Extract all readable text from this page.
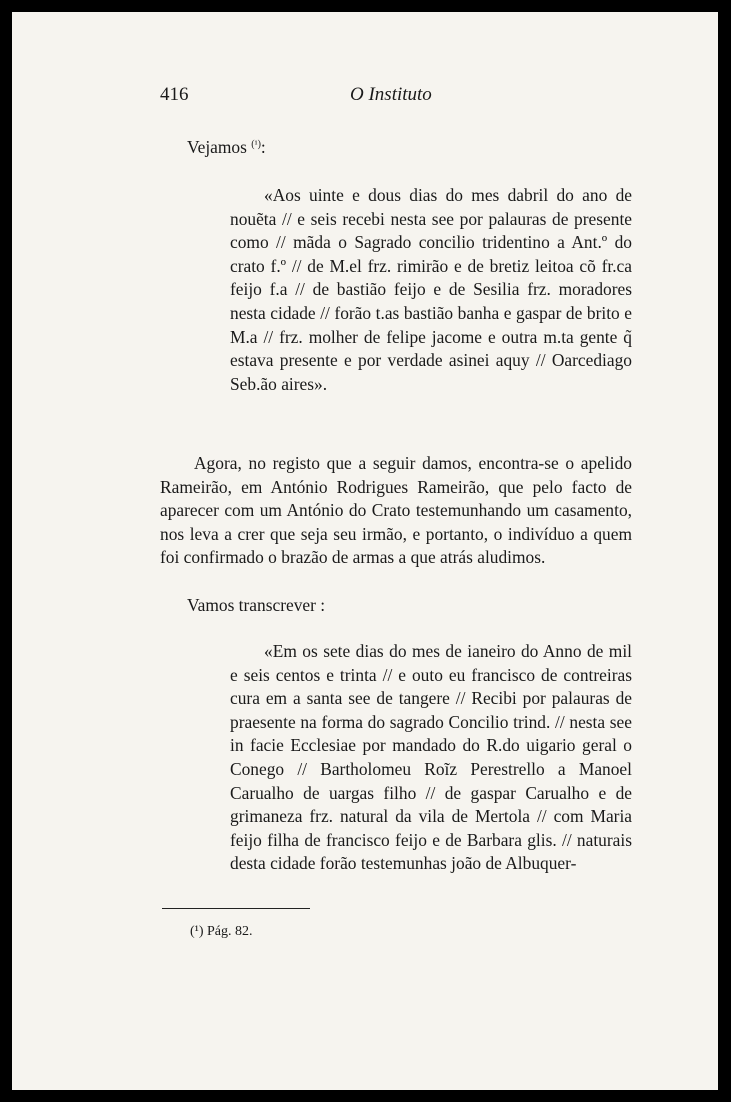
416	O Instituto
Vejamos $^{(^1)}$:

«Aos uinte e dous dias do mes dabril do ano de nouẽta // e seis recebi nesta see por palauras de presente como // mãda o Sagrado concilio tridentino a Ant.º do crato f.º // de M.el frz. rimirão e de bretiz leitoa cõ fr.ca feijo f.a // de bastião feijo e de Sesilia frz. moradores nesta cidade // forão t.as bastião banha e gaspar de brito e M.a // frz. molher de felipe jacome e outra m.ta gente q̃ estava presente e por verdade asinei aquy // Oarcediago Seb.ão aires».

Agora, no registo que a seguir damos, encontra-se o apelido Rameirão, em António Rodrigues Rameirão, que pelo facto de aparecer com um António do Crato testemunhando um casamento, nos leva a crer que seja seu irmão, e portanto, o indivíduo a quem foi confirmado o brazão de armas a que atrás aludimos.

Vamos transcrever :

«Em os sete dias do mes de ianeiro do Anno de mil e seis centos e trinta // e outo eu francisco de contreiras cura em a santa see de tangere // Recibi por palauras de praesente na forma do sagrado Concilio trind. // nesta see in facie Ecclesiae por mandado do R.do uigario geral o Conego // Bartholomeu Roĩz Perestrello a Manoel Carualho de uargas filho // de gaspar Carualho e de grimaneza frz. natural da vila de Mertola // com Maria feijo filha de francisco feijo e de Barbara glis. // naturais desta cidade forão testemunhas joão de Albuquer-

(¹) Pág. 82.
